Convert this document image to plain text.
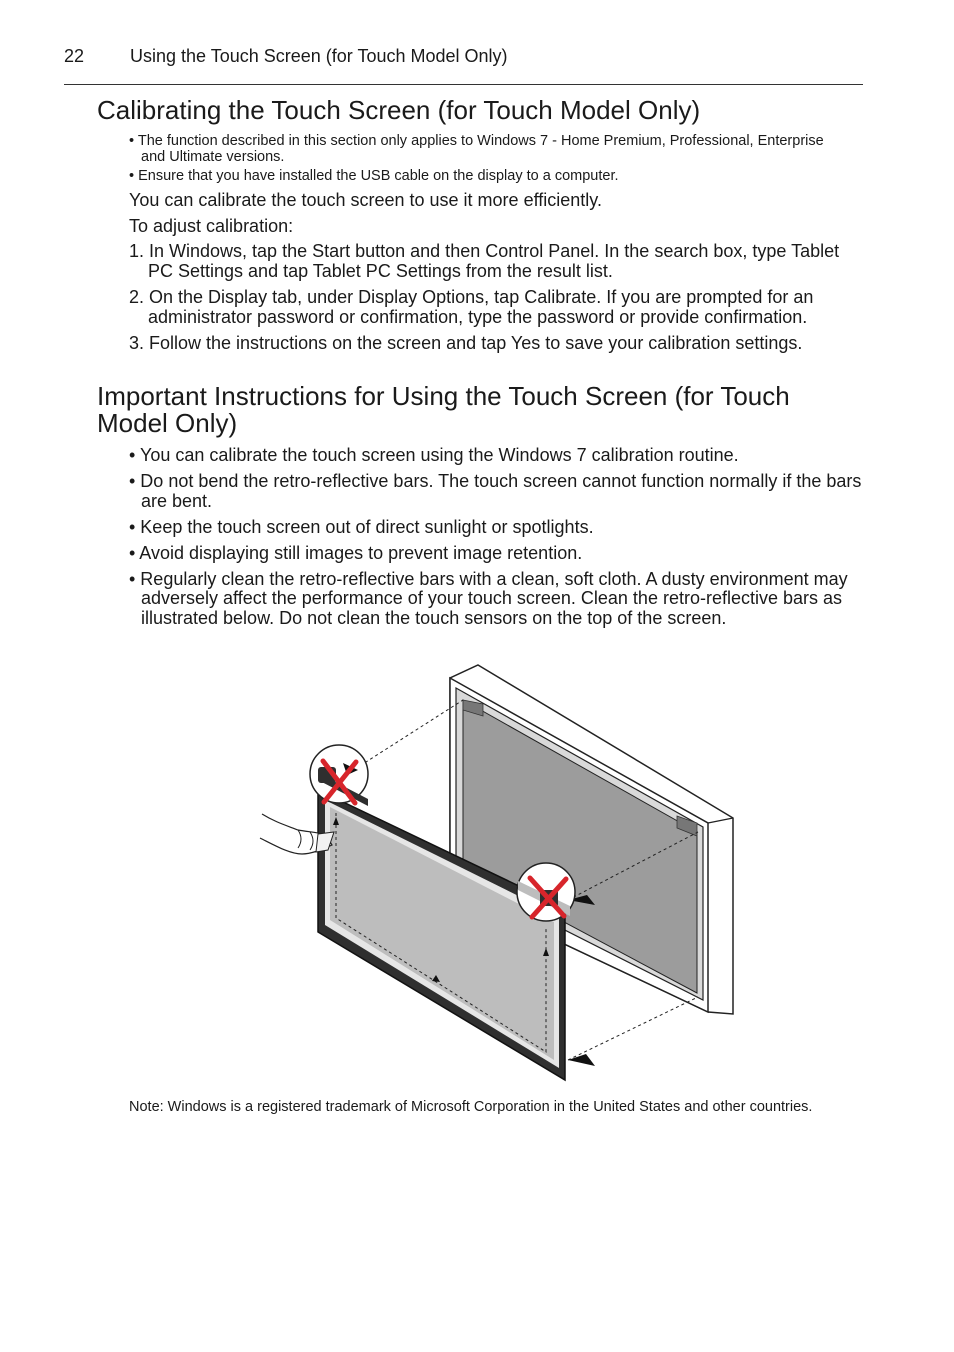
22	Using the Touch Screen (for Touch Model Only)
Calibrating the Touch Screen (for Touch Model Only)
• The function described in this section only applies to Windows 7 - Home Premium, Professional, Enterprise and Ultimate versions.
• Ensure that you have installed the USB cable on the display to a computer.

You can calibrate the touch screen to use it more efficiently.

To adjust calibration:

1. In Windows, tap the Start button and then Control Panel. In the search box, type Tablet PC Settings and tap Tablet PC Settings from the result list.
2. On the Display tab, under Display Options, tap Calibrate. If you are prompted for an administrator password or confirmation, type the password or provide confirmation.
3. Follow the instructions on the screen and tap Yes to save your calibration settings.
Important Instructions for Using the Touch Screen (for Touch Model Only)
• You can calibrate the touch screen using the Windows 7 calibration routine.
• Do not bend the retro-reflective bars. The touch screen cannot function normally if the bars are bent.
• Keep the touch screen out of direct sunlight or spotlights.
• Avoid displaying still images to prevent image retention.
• Regularly clean the retro-reflective bars with a clean, soft cloth. A dusty environment may adversely affect the performance of your touch screen. Clean the retro-reflective bars as illustrated below. Do not clean the touch sensors on the top of the screen.

Note: Windows is a registered trademark of Microsoft Corporation in the United States and other countries.
